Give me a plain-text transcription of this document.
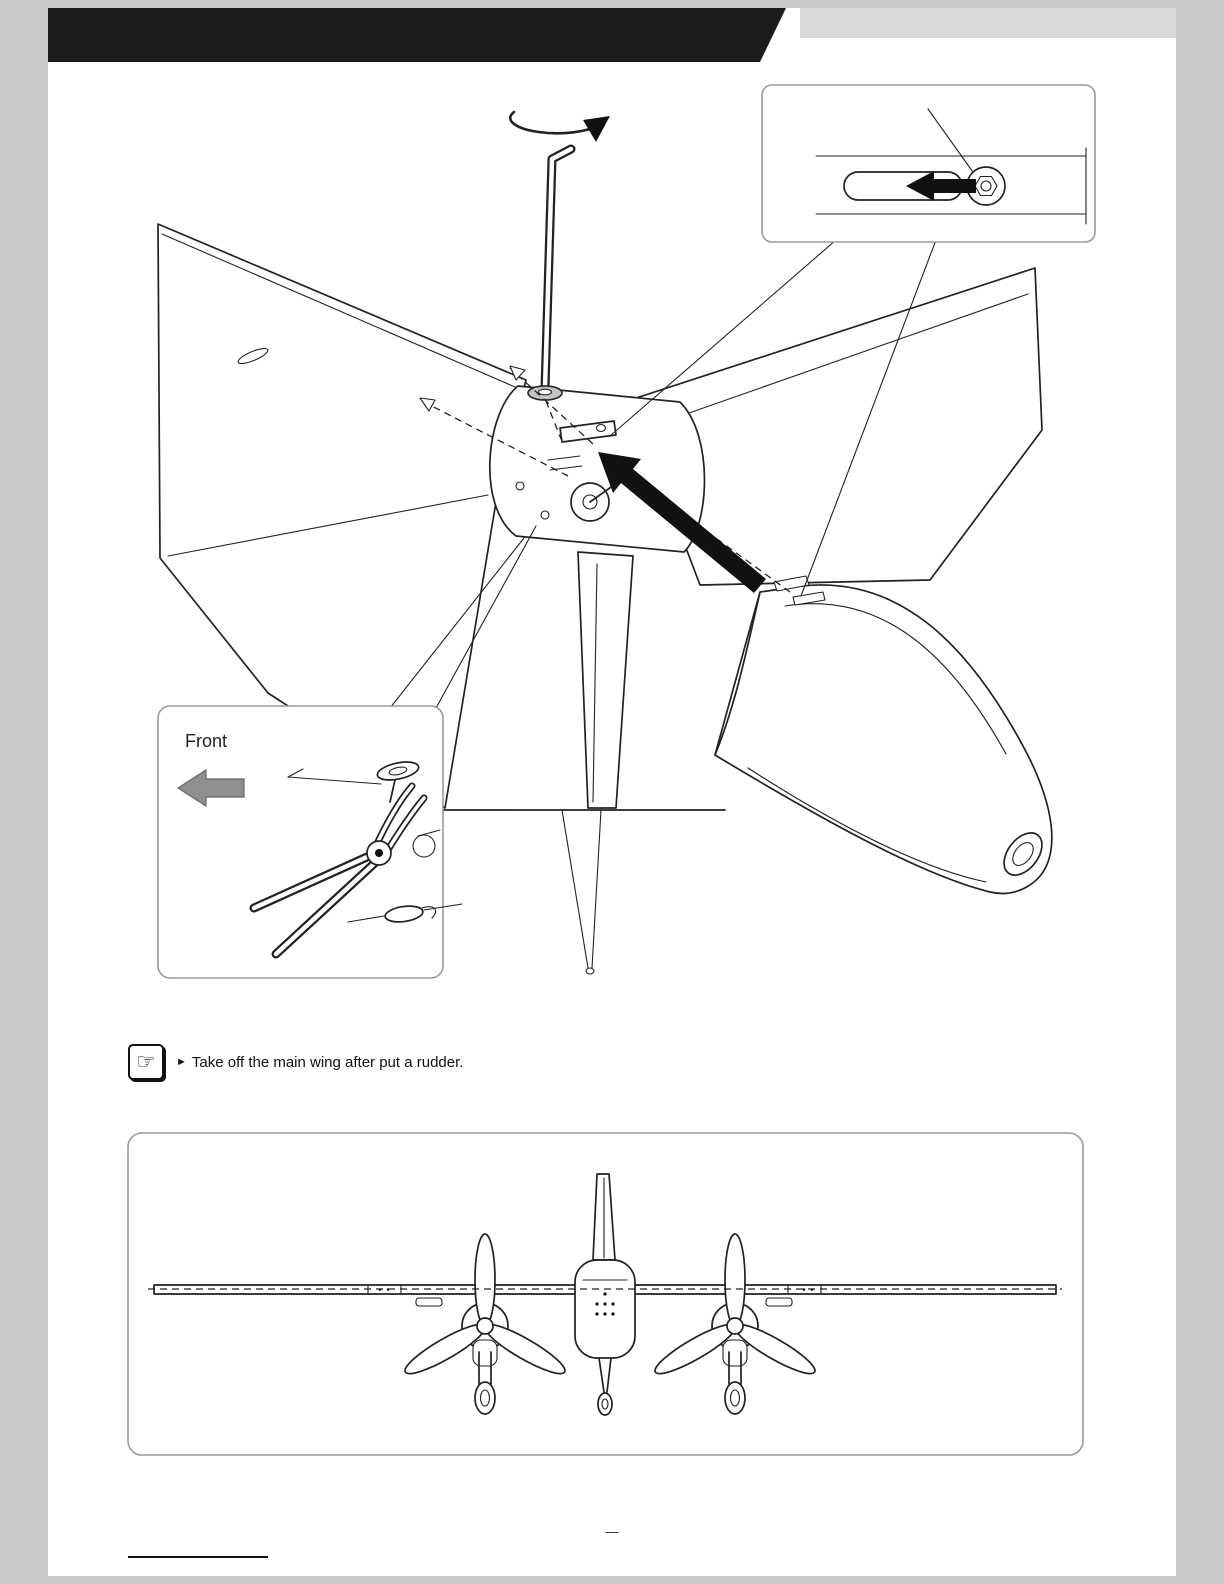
Front
☞	► Take off the main wing after put a rudder.
—
